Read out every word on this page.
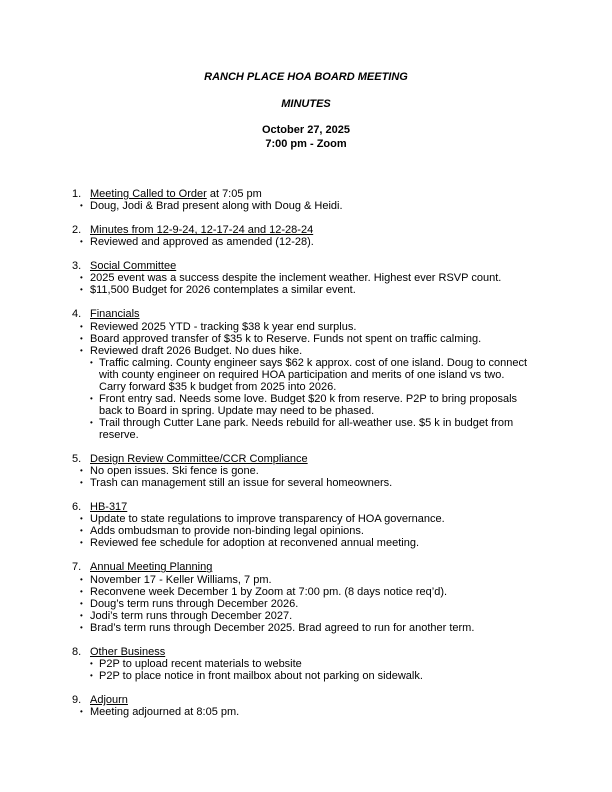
RANCH PLACE HOA BOARD MEETING
MINUTES
October 27, 2025
7:00 pm - Zoom
1. Meeting Called to Order at 7:05 pm
• Doug, Jodi & Brad present along with Doug & Heidi.
2. Minutes from 12-9-24, 12-17-24 and 12-28-24
• Reviewed and approved as amended (12-28).
3. Social Committee
• 2025 event was a success despite the inclement weather. Highest ever RSVP count.
• $11,500 Budget for 2026 contemplates a similar event.
4. Financials
• Reviewed 2025 YTD - tracking $38 k year end surplus.
• Board approved transfer of $35 k to Reserve. Funds not spent on traffic calming.
• Reviewed draft 2026 Budget. No dues hike.
• Traffic calming. County engineer says $62 k approx. cost of one island. Doug to connect
with county engineer on required HOA participation and merits of one island vs two.
Carry forward $35 k budget from 2025 into 2026.
• Front entry sad. Needs some love. Budget $20 k from reserve. P2P to bring proposals
back to Board in spring. Update may need to be phased.
• Trail through Cutter Lane park. Needs rebuild for all-weather use. $5 k in budget from
reserve.
5. Design Review Committee/CCR Compliance
• No open issues. Ski fence is gone.
• Trash can management still an issue for several homeowners.
6. HB-317
• Update to state regulations to improve transparency of HOA governance.
• Adds ombudsman to provide non-binding legal opinions.
• Reviewed fee schedule for adoption at reconvened annual meeting.
7. Annual Meeting Planning
• November 17 - Keller Williams, 7 pm.
• Reconvene week December 1 by Zoom at 7:00 pm. (8 days notice req’d).
• Doug’s term runs through December 2026.
• Jodi’s term runs through December 2027.
• Brad’s term runs through December 2025. Brad agreed to run for another term.
8. Other Business
• P2P to upload recent materials to website
• P2P to place notice in front mailbox about not parking on sidewalk.
9. Adjourn
• Meeting adjourned at 8:05 pm.
